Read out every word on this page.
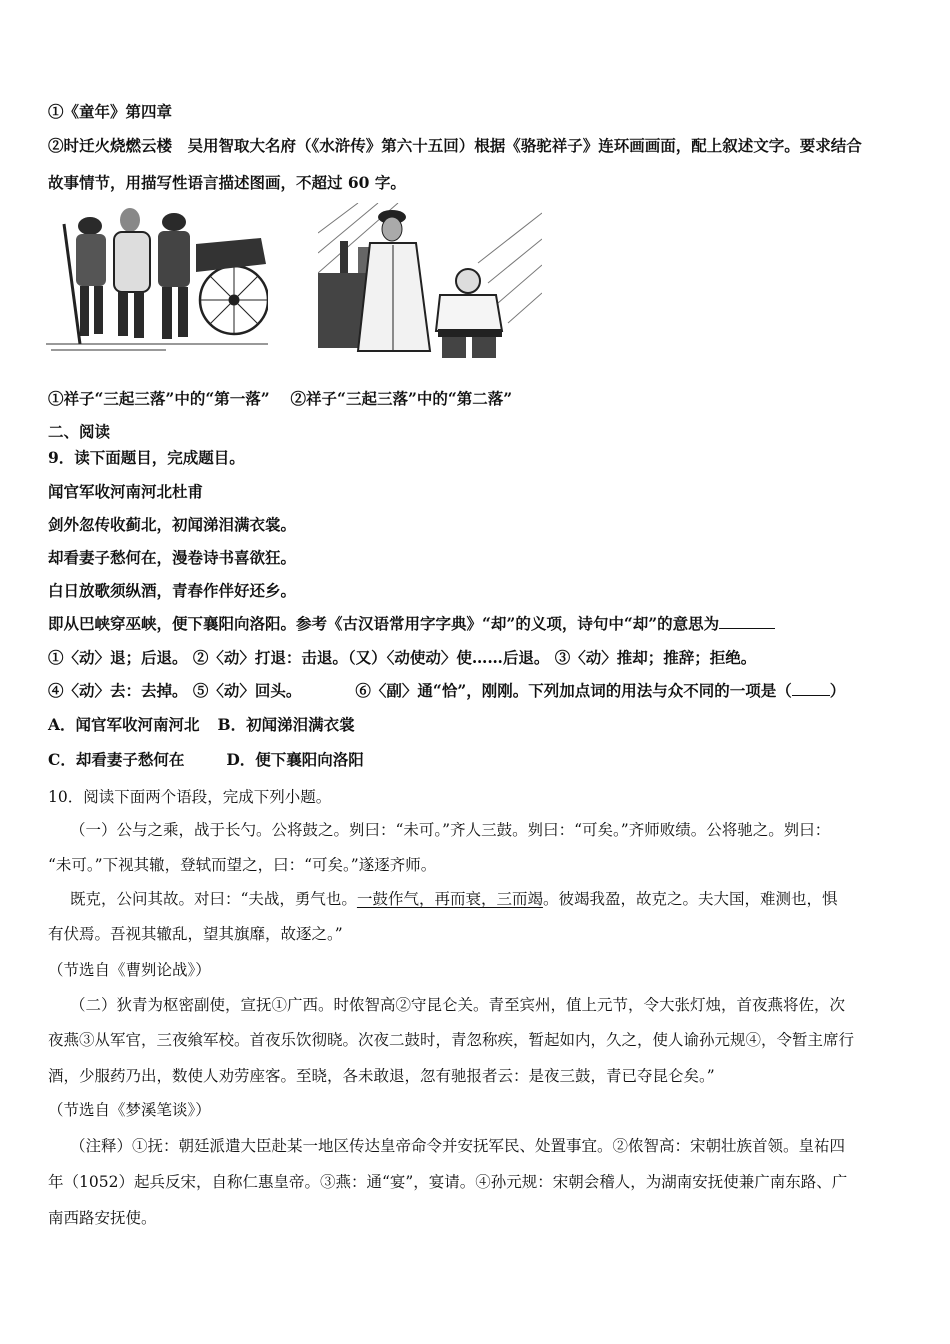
①《童年》第四章
②时迁火烧燃云楼　吴用智取大名府（《水浒传》第六十五回）根据《骆驼祥子》连环画画面，配上叙述文字。要求结合
故事情节，用描写性语言描述图画，不超过 60 字。
①祥子“三起三落”中的“第一落”　 ②祥子“三起三落”中的“第二落”
二、阅读
9．读下面题目，完成题目。
闻官军收河南河北杜甫
剑外忽传收蓟北，初闻涕泪满衣裳。
却看妻子愁何在，漫卷诗书喜欲狂。
白日放歌须纵酒，青春作伴好还乡。
即从巴峡穿巫峡，便下襄阳向洛阳。参考《古汉语常用字字典》“却”的义项，诗句中“却”的意思为
①〈动〉退；后退。 ②〈动〉打退：击退。（又）〈动使动〉使……后退。 ③〈动〉推却；推辞；拒绝。
④〈动〉去：去掉。 ⑤〈动〉回头。	⑥〈副〉通“恰”，刚刚。下列加点词的用法与众不同的一项是（ ）
A．闻官军收河南河北 B．初闻涕泪满衣裳
C．却看妻子愁何在	D．便下襄阳向洛阳
10．阅读下面两个语段，完成下列小题。
（一）公与之乘，战于长勺。公将鼓之。刿曰：“未可。”齐人三鼓。刿曰：“可矣。”齐师败绩。公将驰之。刿曰：
“未可。”下视其辙，登轼而望之，曰：“可矣。”遂逐齐师。
既克，公问其故。对曰：“夫战，勇气也。一鼓作气，再而衰，三而竭。彼竭我盈，故克之。夫大国，难测也，惧
有伏焉。吾视其辙乱，望其旗靡，故逐之。”
（节选自《曹刿论战》）
（二）狄青为枢密副使，宣抚①广西。时侬智高②守昆仑关。青至宾州，值上元节，令大张灯烛，首夜燕将佐，次
夜燕③从军官，三夜飨军校。首夜乐饮彻晓。次夜二鼓时，青忽称疾，暂起如内，久之，使人谕孙元规④，令暂主席行
酒，少服药乃出，数使人劝劳座客。至晓，各未敢退，忽有驰报者云：是夜三鼓，青已夺昆仑矣。”
（节选自《梦溪笔谈》）
（注释）①抚：朝廷派遣大臣赴某一地区传达皇帝命令并安抚军民、处置事宜。②侬智高：宋朝壮族首领。皇祐四
年（1052）起兵反宋，自称仁惠皇帝。③燕：通“宴”，宴请。④孙元规：宋朝会稽人，为湖南安抚使兼广南东路、广
南西路安抚使。
